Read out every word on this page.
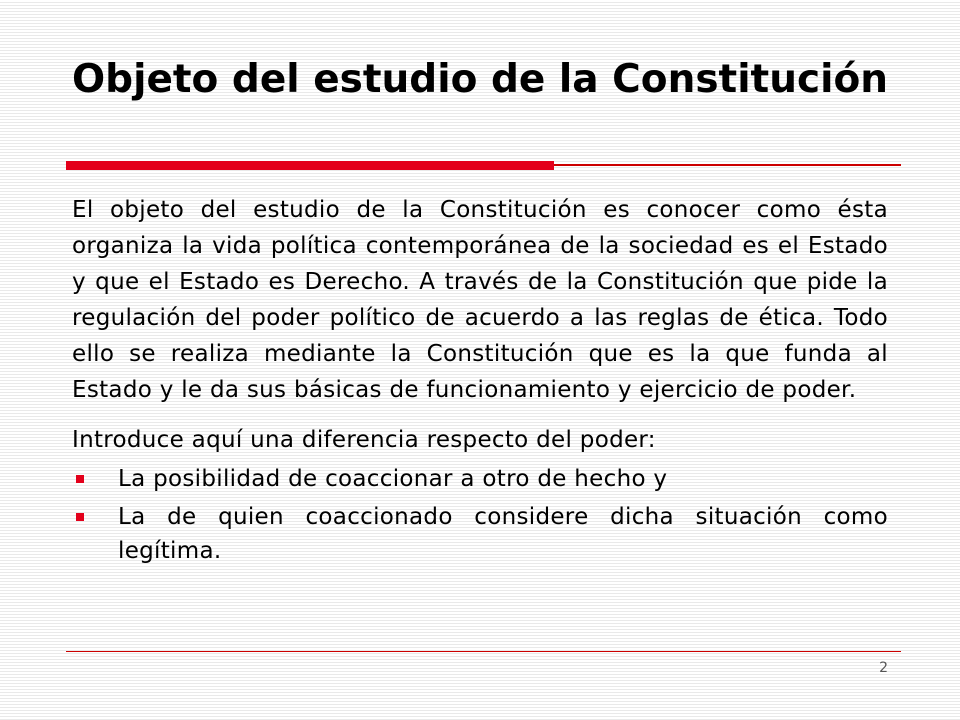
Objeto del estudio de la Constitución

El objeto del estudio de la Constitución es conocer como ésta organiza la vida política contemporánea de la sociedad es el Estado y que el Estado es Derecho. A través de la Constitución que pide la regulación del poder político de acuerdo a las reglas de ética. Todo ello se realiza mediante la Constitución que es la que funda al Estado y le da sus básicas de funcionamiento y ejercicio de poder.

Introduce aquí una diferencia respecto del poder:

La posibilidad de coaccionar a otro de hecho y
La de quien coaccionado considere dicha situación como legítima.
2
